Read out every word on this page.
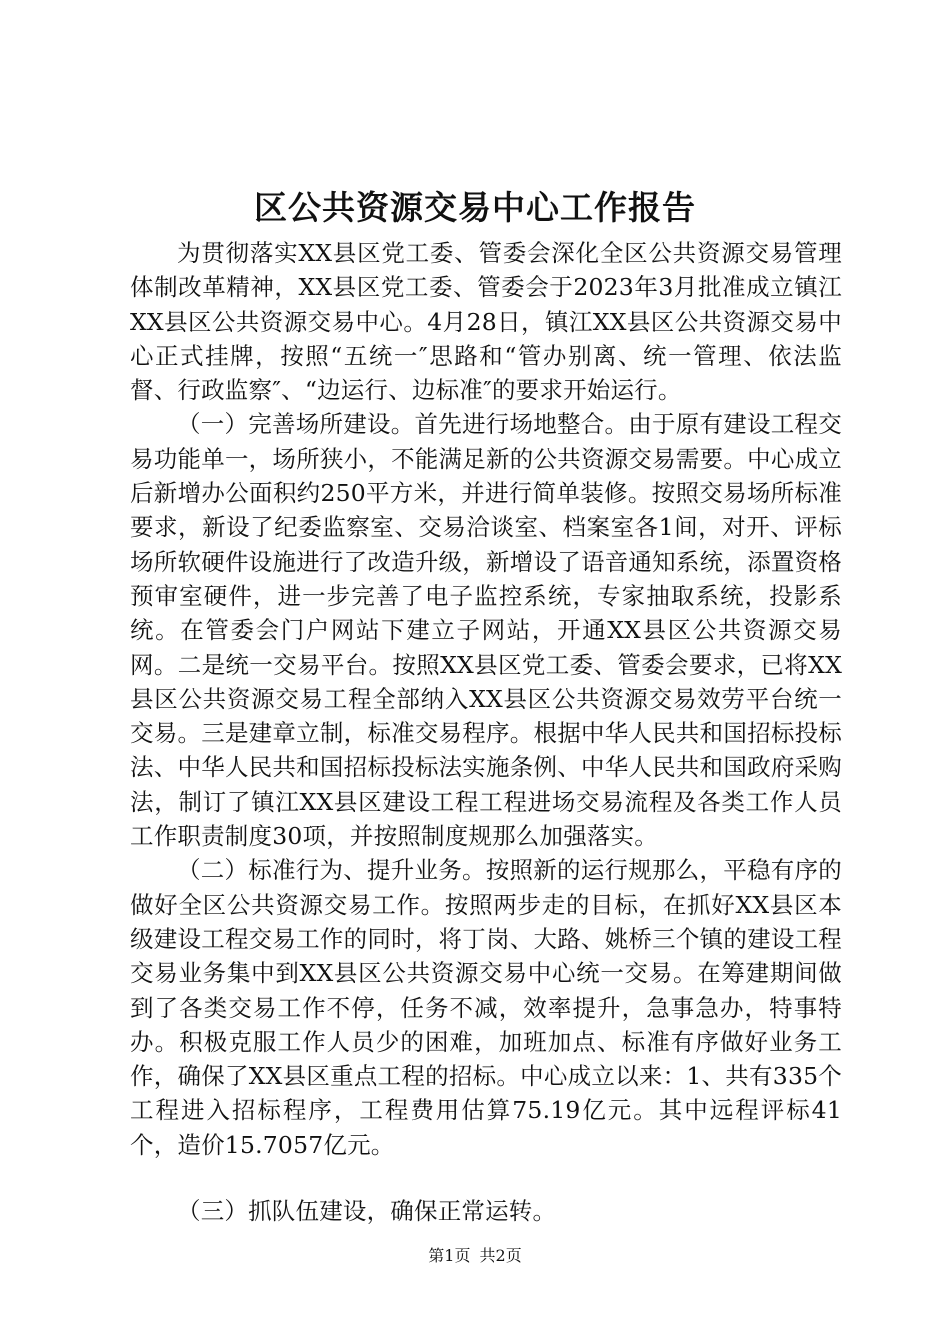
区公共资源交易中心工作报告

为贯彻落实XX县区党工委、管委会深化全区公共资源交易管理体制改革精神，XX县区党工委、管委会于2023年3月批准成立镇江XX县区公共资源交易中心。4月28日，镇江XX县区公共资源交易中心正式挂牌，按照“五统一″思路和“管办别离、统一管理、依法监督、行政监察″、“边运行、边标准″的要求开始运行。

（一）完善场所建设。首先进行场地整合。由于原有建设工程交易功能单一，场所狭小，不能满足新的公共资源交易需要。中心成立后新增办公面积约250平方米，并进行简单装修。按照交易场所标准要求，新设了纪委监察室、交易洽谈室、档案室各1间，对开、评标场所软硬件设施进行了改造升级，新增设了语音通知系统，添置资格预审室硬件，进一步完善了电子监控系统，专家抽取系统，投影系统。在管委会门户网站下建立子网站，开通XX县区公共资源交易网。二是统一交易平台。按照XX县区党工委、管委会要求，已将XX县区公共资源交易工程全部纳入XX县区公共资源交易效劳平台统一交易。三是建章立制，标准交易程序。根据中华人民共和国招标投标法、中华人民共和国招标投标法实施条例、中华人民共和国政府采购法，制订了镇江XX县区建设工程工程进场交易流程及各类工作人员工作职责制度30项，并按照制度规那么加强落实。

（二）标准行为、提升业务。按照新的运行规那么，平稳有序的做好全区公共资源交易工作。按照两步走的目标，在抓好XX县区本级建设工程交易工作的同时，将丁岗、大路、姚桥三个镇的建设工程交易业务集中到XX县区公共资源交易中心统一交易。在筹建期间做到了各类交易工作不停，任务不减，效率提升，急事急办，特事特办。积极克服工作人员少的困难，加班加点、标准有序做好业务工作，确保了XX县区重点工程的招标。中心成立以来：1、共有335个工程进入招标程序，工程费用估算75.19亿元。其中远程评标41个，造价15.7057亿元。

（三）抓队伍建设，确保正常运转。

第1页 共2页
